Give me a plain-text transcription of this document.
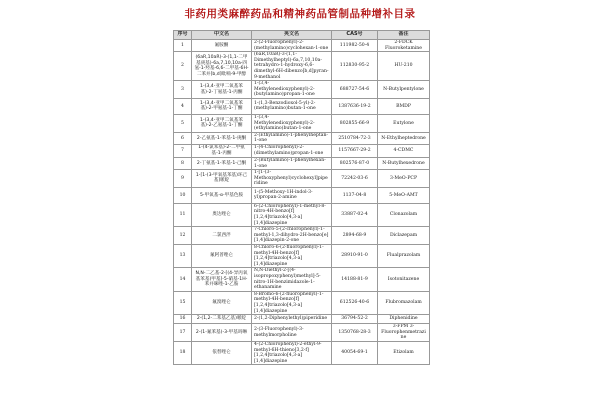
非药用类麻醉药品和精神药品管制品种增补目录
序号	中文名	英文名	CAS号	备注
1	氟胺酮	2-(2-Fluorophenyl)-2-(methylamino)cyclohexan-1-one	111982-50-4	2-FDCK Fluoroketamine
2	(6aR,10aR)-3-(1,1-二甲基庚基)-6a,7,10,10a-四氢-1-羟基-6,6-二甲基-6H-二苯并[b,d]吡喃-9-甲醇	(6aR,10aR)-3-(1,1-Dimethylheptyl)-6a,7,10,10a-tetrahydro-1-hydroxy-6,6-dimethyl-6H-dibenzo[b,d]pyran-9-methanol	112830-95-2	HU-210
3	1-(3,4-亚甲二氧基苯基)-2-丁氨基-1-丙酮	1-(3,4-Methylenedioxyphenyl)-2-(butylamino)propan-1-one	688727-54-6	N-Butylpentylone
4	1-(3,4-亚甲二氧基苯基)-2-甲氨基-1-丁酮	1-(1,3-Benzodioxol-5-yl)-2-(methylamino)butan-1-one	1387636-19-2	BMDP
5	1-(3,4-亚甲二氧基苯基)-2-乙氨基-1-丁酮	1-(3,4-Methylenedioxyphenyl)-2-(ethylamino)butan-1-one	802855-66-9	Eutylone
6	2-乙氨基-1-苯基-1-庚酮	2-(Ethylamino)-1-phenylheptan-1-one	2510784-72-3	N-Ethylheptedrone
7	1-(4-氯苯基)-2-二甲氨基-1-丙酮	1-(4-Chlorophenyl)-2-(dimethylamino)propan-1-one	1157667-29-2	4-CDMC
8	2-丁氨基-1-苯基-1-己酮	2-(Butylamino)-1-phenylhexan-1-one	802576-87-0	N-Butylhexedrone
9	1-[1-(3-甲氧基苯基)环己基]哌啶	1-[1-(3-Methoxyphenyl)cyclohexyl]piperidine	72242-03-6	3-MeO-PCP
10	5-甲氧基-α-甲基色胺	1-(5-Methoxy-1H-indol-3-yl)propan-2-amine	1137-04-8	5-MeO-AMT
11	奥达唑仑	6-(2-Chlorophenyl)-1-methyl-8-nitro-4H-benzo[f][1,2,4]triazolo[4,3-a][1,4]diazepine	33887-02-4	Clonazolam
12	二氯西泮	7-Chloro-5-(2-chlorophenyl)-1-methyl-1,3-dihydro-2H-benzo[e][1,4]diazepin-2-one	2894-68-9	Diclazepam
13	氟阿普唑仑	8-Chloro-6-(2-fluorophenyl)-1-methyl-4H-benzo[f][1,2,4]triazolo[4,3-a][1,4]diazepine	28910-91-0	Flualprazolam
14	N,N-二乙基-2-[(4-异丙氧基苯基)甲基]-5-硝基-1H-苯并咪唑-1-乙胺	N,N-Diethyl-2-[(4-isopropoxyphenyl)methyl]-5-nitro-1H-benzimidazole-1-ethanamine	14188-81-9	Isotonitazene
15	氟溴唑仑	8-Bromo-6-(2-fluorophenyl)-1-methyl-4H-benzo[f][1,2,4]triazolo[4,3-a][1,4]diazepine	612526-40-6	Flubromazolam
16	2-(1,2-二苯基乙基)哌啶	2-(1,2-Diphenylethyl)piperidine	36794-52-2	Diphenidine
17	2-(1-氟苯基)-3-甲基吗啉	2-(3-Fluorophenyl)-3-methylmorpholine	1350768-28-3	3-FPM 3-Fluorophenmetrazine
18	依替唑仑	4-(2-Chlorophenyl)-2-ethyl-9-methyl-6H-thieno[3,2-f][1,2,4]triazolo[4,3-a][1,4]diazepine	40054-69-1	Etizolam
